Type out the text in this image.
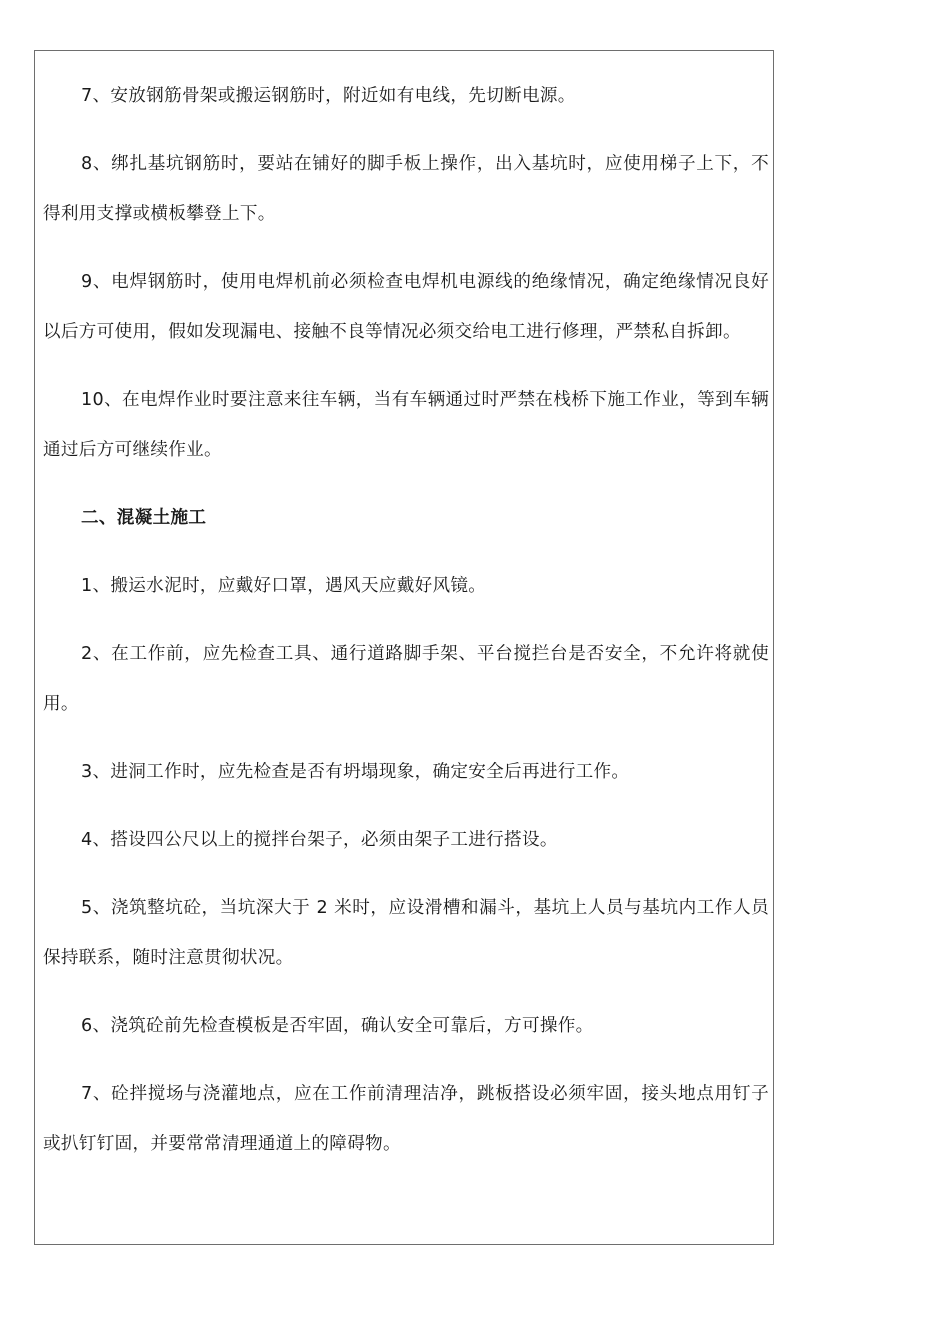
7、安放钢筋骨架或搬运钢筋时，附近如有电线，先切断电源。

8、绑扎基坑钢筋时，要站在铺好的脚手板上操作，出入基坑时，应使用梯子上下，不得利用支撑或横板攀登上下。

9、电焊钢筋时，使用电焊机前必须检查电焊机电源线的绝缘情况，确定绝缘情况良好以后方可使用，假如发现漏电、接触不良等情况必须交给电工进行修理，严禁私自拆卸。

10、在电焊作业时要注意来往车辆，当有车辆通过时严禁在栈桥下施工作业，等到车辆通过后方可继续作业。

二、混凝土施工

1、搬运水泥时，应戴好口罩，遇风天应戴好风镜。

2、在工作前，应先检查工具、通行道路脚手架、平台搅拦台是否安全，不允许将就使用。

3、进洞工作时，应先检查是否有坍塌现象，确定安全后再进行工作。

4、搭设四公尺以上的搅拌台架子，必须由架子工进行搭设。

5、浇筑整坑砼，当坑深大于 2 米时，应设滑槽和漏斗，基坑上人员与基坑内工作人员保持联系，随时注意贯彻状况。

6、浇筑砼前先检查模板是否牢固，确认安全可靠后，方可操作。

7、砼拌搅场与浇灌地点，应在工作前清理洁净，跳板搭设必须牢固，接头地点用钉子或扒钉钉固，并要常常清理通道上的障碍物。
